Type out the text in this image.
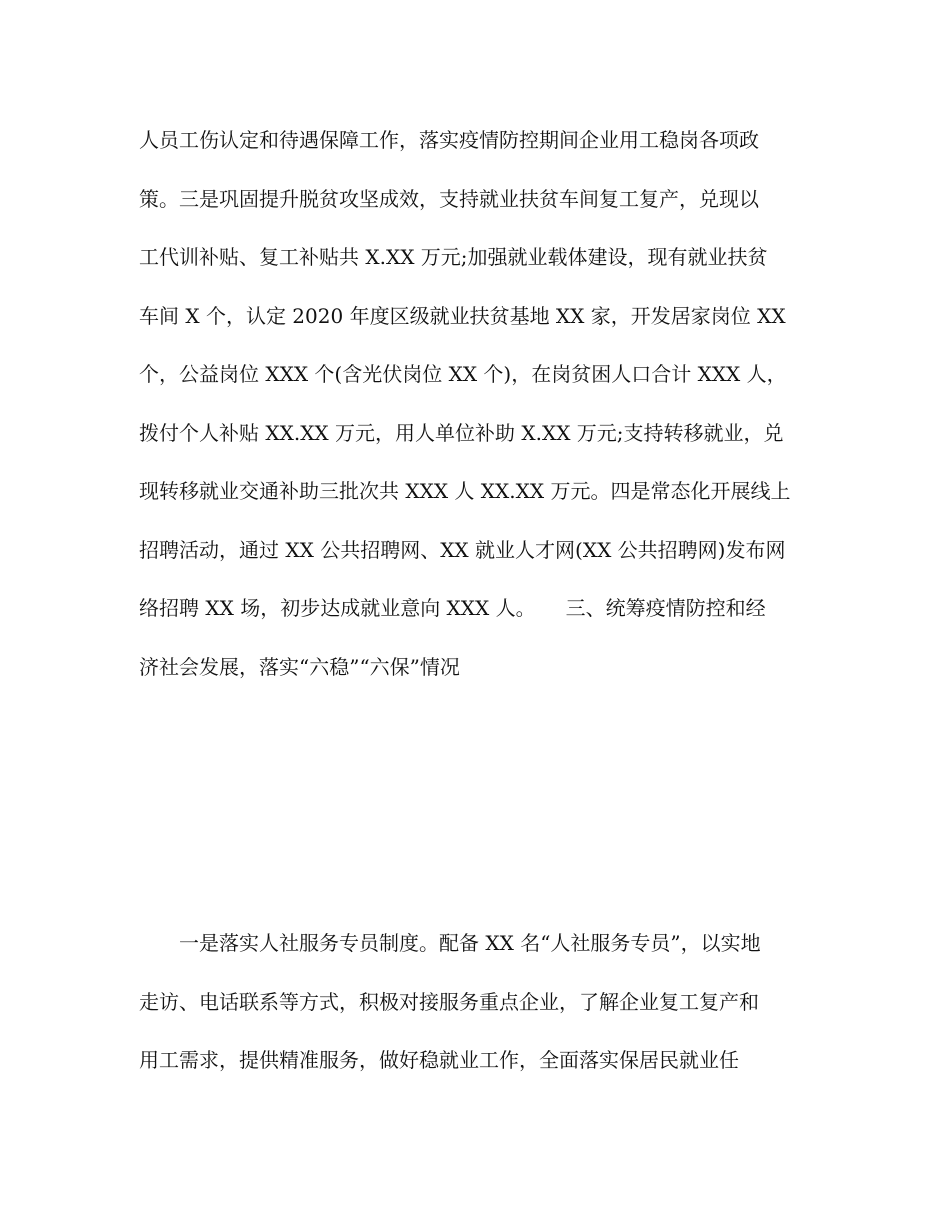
人员工伤认定和待遇保障工作，落实疫情防控期间企业用工稳岗各项政
策。三是巩固提升脱贫攻坚成效，支持就业扶贫车间复工复产，兑现以
工代训补贴、复工补贴共 X.XX 万元;加强就业载体建设，现有就业扶贫
车间 X 个，认定 2020 年度区级就业扶贫基地 XX 家，开发居家岗位 XX
个，公益岗位 XXX 个(含光伏岗位 XX 个)，在岗贫困人口合计 XXX 人，
拨付个人补贴 XX.XX 万元，用人单位补助 X.XX 万元;支持转移就业，兑
现转移就业交通补助三批次共 XXX 人 XX.XX 万元。四是常态化开展线上
招聘活动，通过 XX 公共招聘网、XX 就业人才网(XX 公共招聘网)发布网
络招聘 XX 场，初步达成就业意向 XXX 人。　　三、统筹疫情防控和经
济社会发展，落实“六稳”“六保”情况
　　一是落实人社服务专员制度。配备 XX 名“人社服务专员”，以实地
走访、电话联系等方式，积极对接服务重点企业，了解企业复工复产和
用工需求，提供精准服务，做好稳就业工作，全面落实保居民就业任
